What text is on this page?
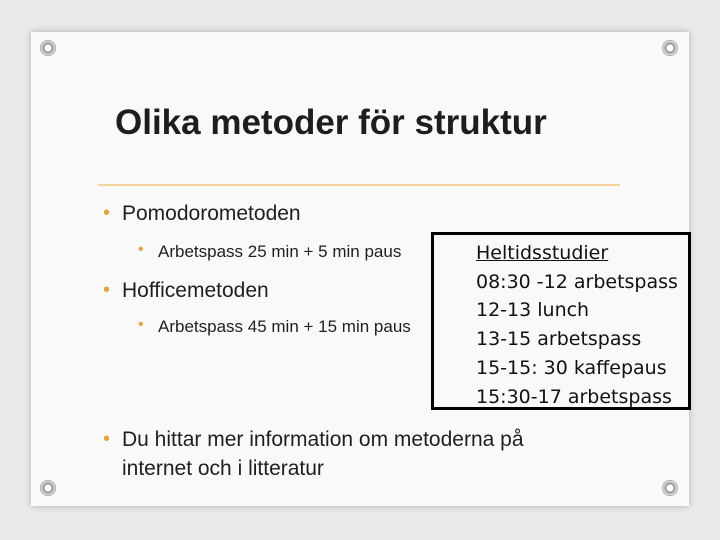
Olika metoder för struktur
• Pomodorometoden
• Arbetspass 25 min + 5 min paus
• Hofficemetoden
• Arbetspass 45 min + 15 min paus
Heltidsstudier
08:30 -12 arbetspass
12-13 lunch
13-15 arbetspass
15-15: 30 kaffepaus
15:30-17 arbetspass
• Du hittar mer information om metoderna på
internet och i litteratur
